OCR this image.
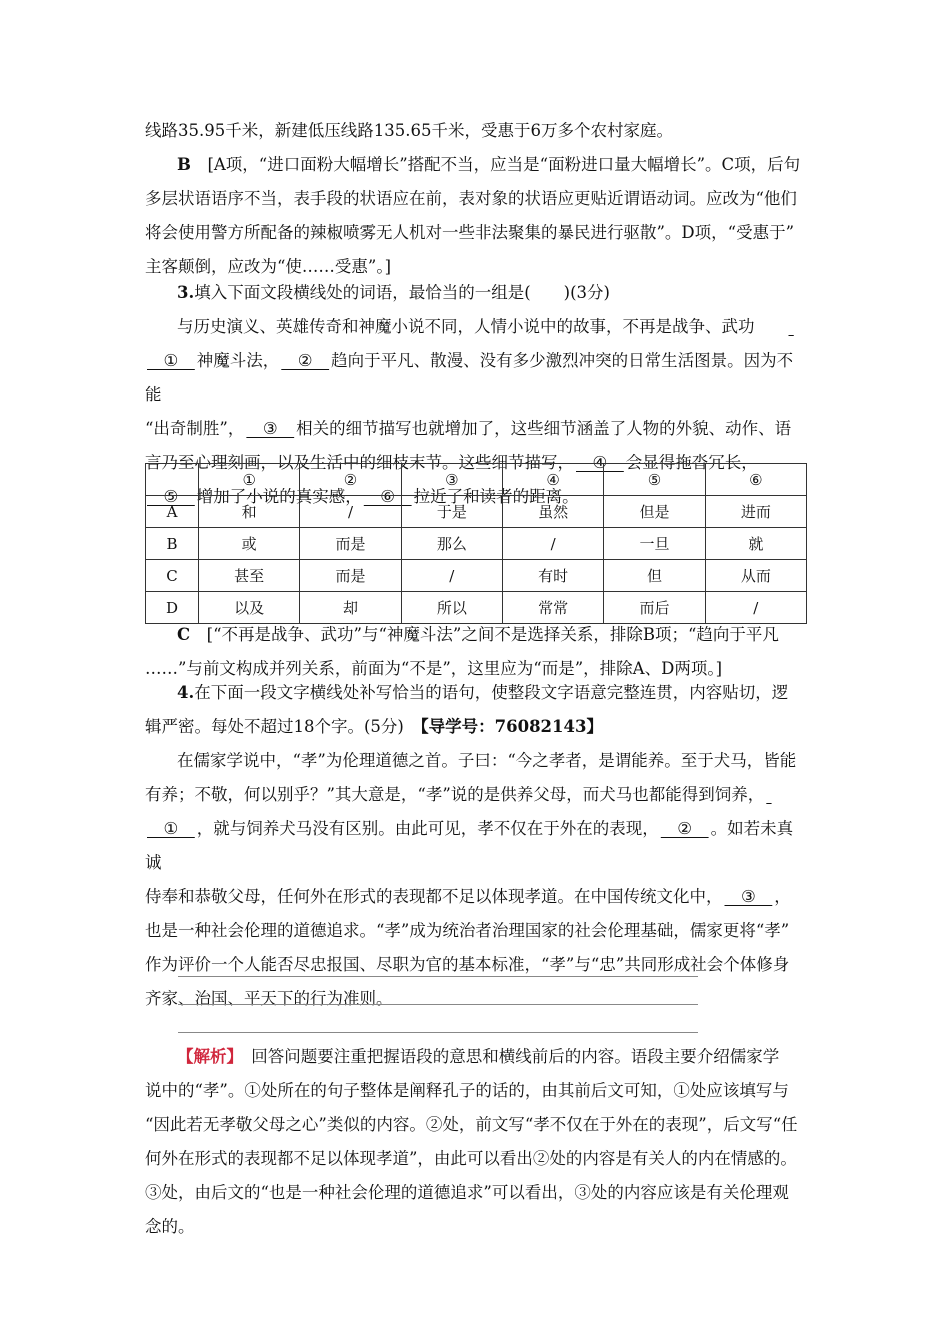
线路35.95千米，新建低压线路135.65千米，受惠于6万多个农村家庭。

B　 [A项，“进口面粉大幅增长”搭配不当，应当是“面粉进口量大幅增长”。C项，后句

多层状语语序不当，表手段的状语应在前，表对象的状语应更贴近谓语动词。应改为“他们

将会使用警方所配备的辣椒喷雾无人机对一些非法聚集的暴民进行驱散”。D项，“受惠于”

主客颠倒，应改为“使……受惠”。]

3.填入下面文段横线处的词语，最恰当的一组是(　　)(3分)

与历史演义、英雄传奇和神魔小说不同，人情小说中的故事，不再是战争、武功

 ① 神魔斗法， ② 趋向于平凡、散漫、没有多少激烈冲突的日常生活图景。因为不能

“出奇制胜”， ③ 相关的细节描写也就增加了，这些细节涵盖了人物的外貌、动作、语

言乃至心理刻画，以及生活中的细枝末节。这些细节描写， ④ 会显得拖沓冗长，

 ⑤ 增加了小说的真实感， ⑥ 拉近了和读者的距离。

	①	②	③	④	⑤	⑥
A	和	/	于是	虽然	但是	进而
B	或	而是	那么	/	一旦	就
C	甚至	而是	/	有时	但	从而
D	以及	却	所以	常常	而后	/

C　 [“不再是战争、武功”与“神魔斗法”之间不是选择关系，排除B项；“趋向于平凡

……”与前文构成并列关系，前面为“不是”，这里应为“而是”，排除A、D两项。]

4.在下面一段文字横线处补写恰当的语句，使整段文字语意完整连贯，内容贴切，逻

辑严密。每处不超过18个字。(5分)　 【导学号：76082143】

在儒家学说中，“孝”为伦理道德之首。子曰：“今之孝者，是谓能养。至于犬马，皆能

有养；不敬，何以别乎？”其大意是，“孝”说的是供养父母，而犬马也都能得到饲养，

 ① ，就与饲养犬马没有区别。由此可见，孝不仅在于外在的表现， ② 。如若未真诚

侍奉和恭敬父母，任何外在形式的表现都不足以体现孝道。在中国传统文化中， ③ ，

也是一种社会伦理的道德追求。“孝”成为统治者治理国家的社会伦理基础，儒家更将“孝”

作为评价一个人能否尽忠报国、尽职为官的基本标准，“孝”与“忠”共同形成社会个体修身

齐家、治国、平天下的行为准则。

【解析】　 回答问题要注重把握语段的意思和横线前后的内容。语段主要介绍儒家学

说中的“孝”。①处所在的句子整体是阐释孔子的话的，由其前后文可知，①处应该填写与

“因此若无孝敬父母之心”类似的内容。②处，前文写“孝不仅在于外在的表现”，后文写“任

何外在形式的表现都不足以体现孝道”，由此可以看出②处的内容是有关人的内在情感的。

③处，由后文的“也是一种社会伦理的道德追求”可以看出，③处的内容应该是有关伦理观

念的。
